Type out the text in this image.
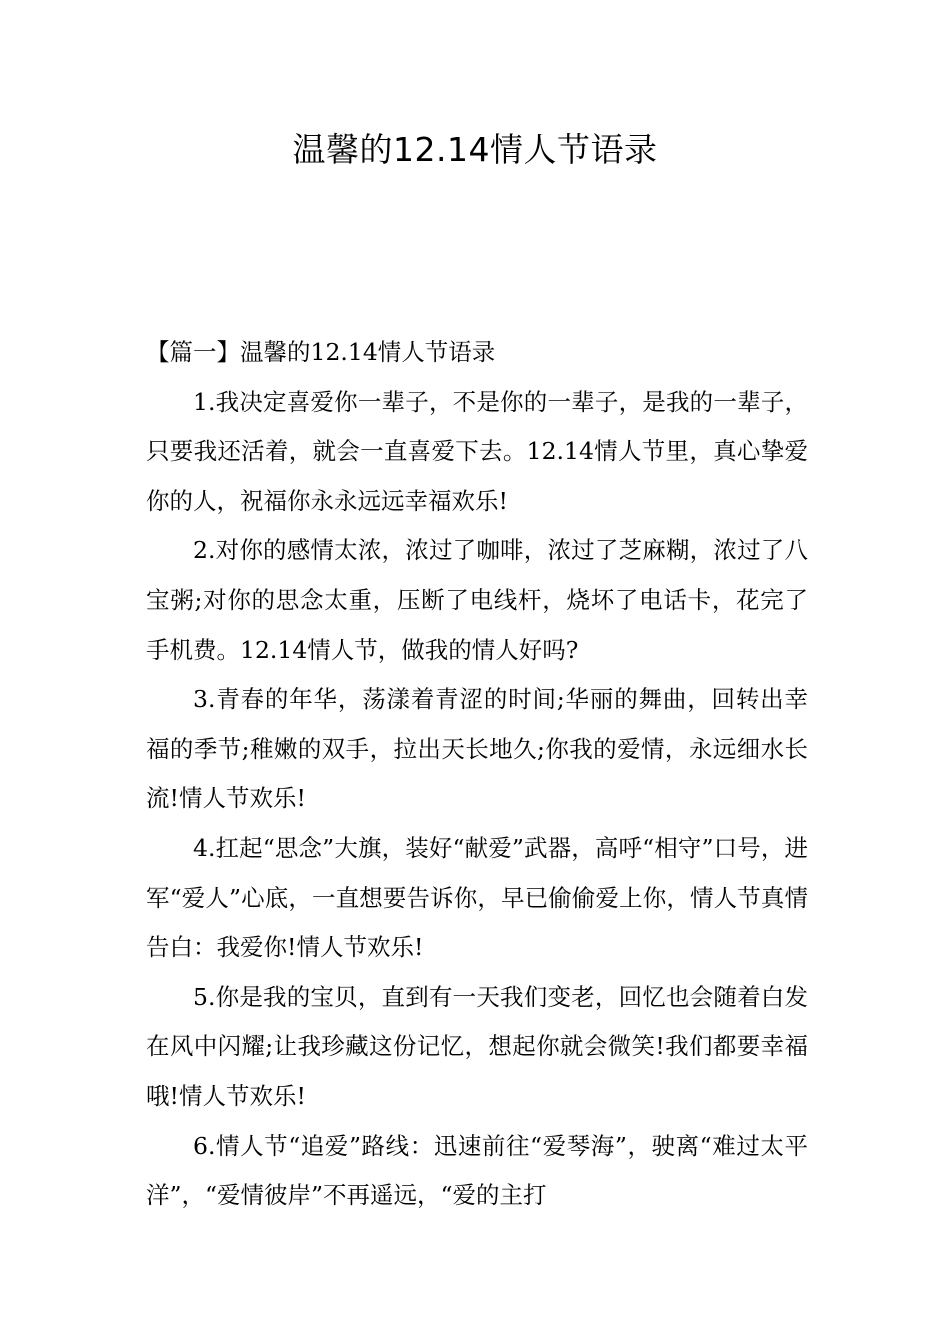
温馨的12.14情人节语录

【篇一】温馨的12.14情人节语录

1.我决定喜爱你一辈子，不是你的一辈子，是我的一辈子，只要我还活着，就会一直喜爱下去。12.14情人节里，真心挚爱你的人，祝福你永永远远幸福欢乐!

2.对你的感情太浓，浓过了咖啡，浓过了芝麻糊，浓过了八宝粥;对你的思念太重，压断了电线杆，烧坏了电话卡，花完了手机费。12.14情人节，做我的情人好吗?

3.青春的年华，荡漾着青涩的时间;华丽的舞曲，回转出幸福的季节;稚嫩的双手，拉出天长地久;你我的爱情，永远细水长流!情人节欢乐!

4.扛起“思念”大旗，装好“献爱”武器，高呼“相守”口号，进军“爱人”心底，一直想要告诉你，早已偷偷爱上你，情人节真情告白：我爱你!情人节欢乐!

5.你是我的宝贝，直到有一天我们变老，回忆也会随着白发在风中闪耀;让我珍藏这份记忆，想起你就会微笑!我们都要幸福哦!情人节欢乐!

6.情人节“追爱”路线：迅速前往“爱琴海”，驶离“难过太平洋”，“爱情彼岸”不再遥远，“爱的主打
